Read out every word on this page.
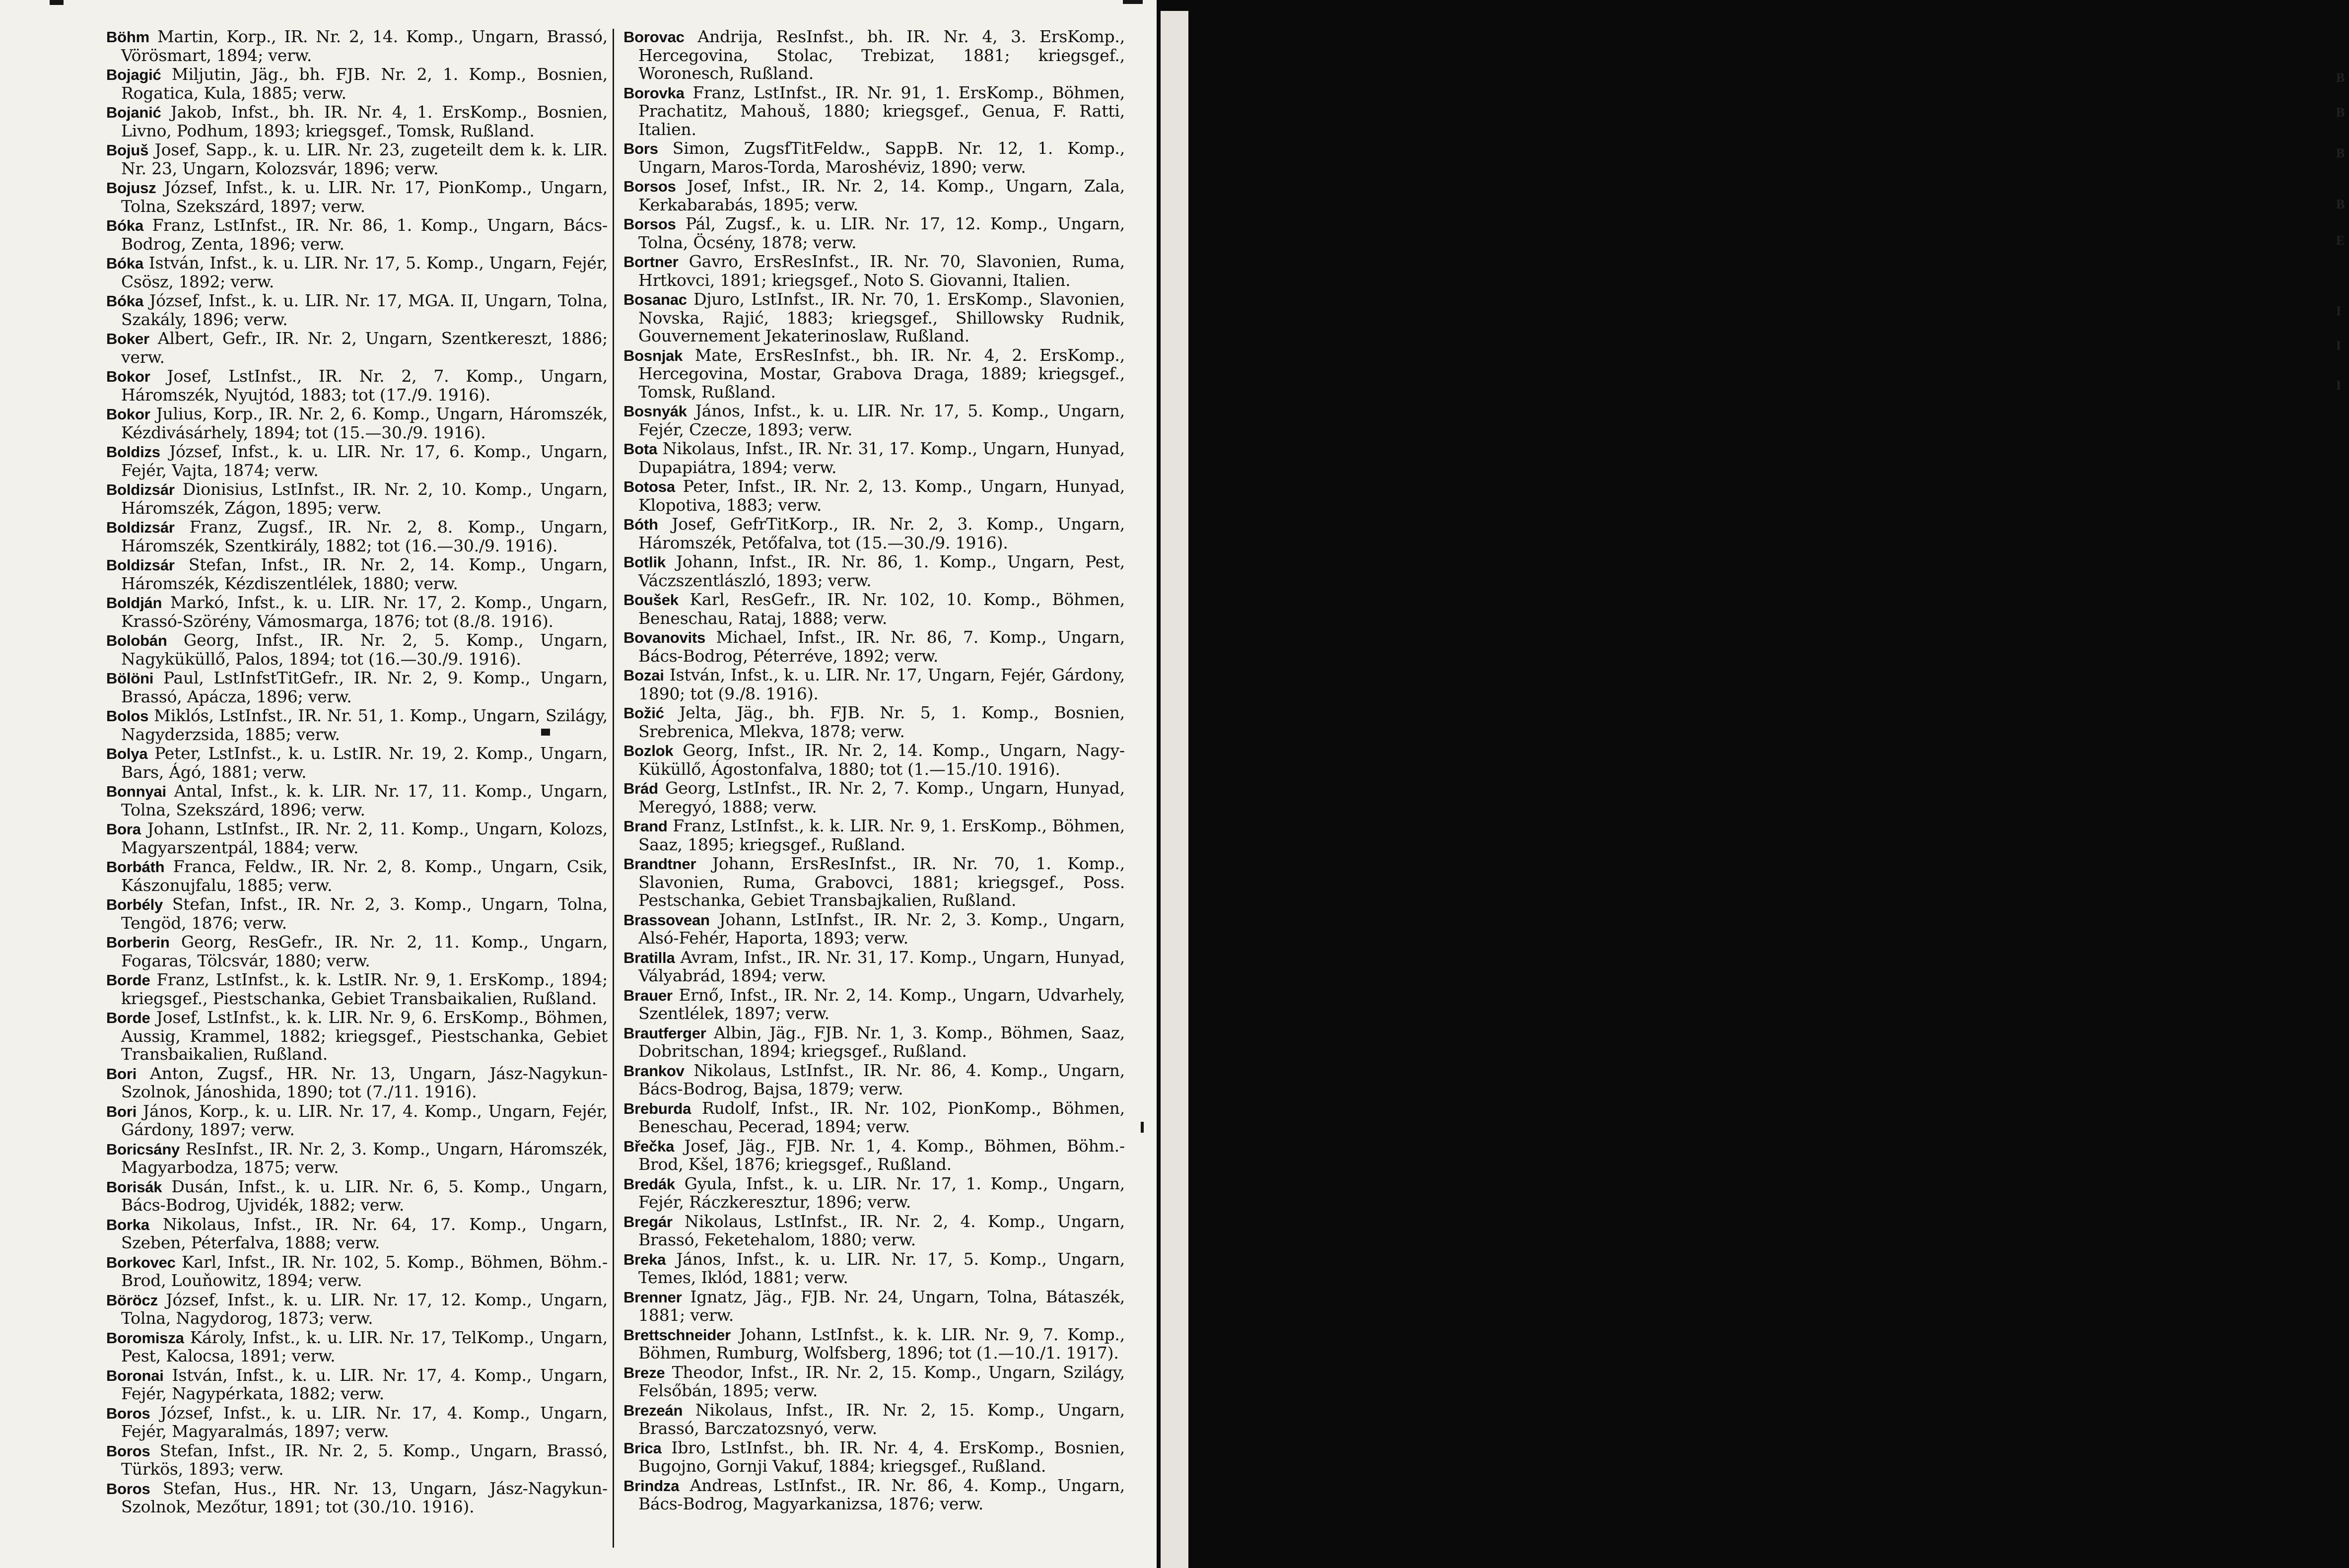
Böhm Martin, Korp., IR. Nr. 2, 14. Komp., Ungarn, Brassó, Vörösmart, 1894; verw.
Bojagić Miljutin, Jäg., bh. FJB. Nr. 2, 1. Komp., Bosnien, Rogatica, Kula, 1885; verw.
Bojanić Jakob, Infst., bh. IR. Nr. 4, 1. ErsKomp., Bosnien, Livno, Podhum, 1893; kriegsgef., Tomsk, Rußland.
Bojuš Josef, Sapp., k. u. LIR. Nr. 23, zugeteilt dem k. k. LIR. Nr. 23, Ungarn, Kolozsvár, 1896; verw.
Bojusz József, Infst., k. u. LIR. Nr. 17, PionKomp., Ungarn, Tolna, Szekszárd, 1897; verw.
Bóka Franz, LstInfst., IR. Nr. 86, 1. Komp., Ungarn, Bács-Bodrog, Zenta, 1896; verw.
Bóka István, Infst., k. u. LIR. Nr. 17, 5. Komp., Ungarn, Fejér, Csösz, 1892; verw.
Bóka József, Infst., k. u. LIR. Nr. 17, MGA. II, Ungarn, Tolna, Szakály, 1896; verw.
Boker Albert, Gefr., IR. Nr. 2, Ungarn, Szentkereszt, 1886; verw.
Bokor Josef, LstInfst., IR. Nr. 2, 7. Komp., Ungarn, Háromszék, Nyujtód, 1883; tot (17./9. 1916).
Bokor Julius, Korp., IR. Nr. 2, 6. Komp., Ungarn, Háromszék, Kézdivásárhely, 1894; tot (15.—30./9. 1916).
Boldizs József, Infst., k. u. LIR. Nr. 17, 6. Komp., Ungarn, Fejér, Vajta, 1874; verw.
Boldizsár Dionisius, LstInfst., IR. Nr. 2, 10. Komp., Ungarn, Háromszék, Zágon, 1895; verw.
Boldizsár Franz, Zugsf., IR. Nr. 2, 8. Komp., Ungarn, Háromszék, Szentkirály, 1882; tot (16.—30./9. 1916).
Boldizsár Stefan, Infst., IR. Nr. 2, 14. Komp., Ungarn, Háromszék, Kézdiszentlélek, 1880; verw.
Boldján Markó, Infst., k. u. LIR. Nr. 17, 2. Komp., Ungarn, Krassó-Szörény, Vámosmarga, 1876; tot (8./8. 1916).
Bolobán Georg, Infst., IR. Nr. 2, 5. Komp., Ungarn, Nagyküküllő, Palos, 1894; tot (16.—30./9. 1916).
Bölöni Paul, LstInfstTitGefr., IR. Nr. 2, 9. Komp., Ungarn, Brassó, Apácza, 1896; verw.
Bolos Miklós, LstInfst., IR. Nr. 51, 1. Komp., Ungarn, Szilágy, Nagyderzsida, 1885; verw.
Bolya Peter, LstInfst., k. u. LstIR. Nr. 19, 2. Komp., Ungarn, Bars, Ágó, 1881; verw.
Bonnyai Antal, Infst., k. k. LIR. Nr. 17, 11. Komp., Ungarn, Tolna, Szekszárd, 1896; verw.
Bora Johann, LstInfst., IR. Nr. 2, 11. Komp., Ungarn, Kolozs, Magyarszentpál, 1884; verw.
Borbáth Franca, Feldw., IR. Nr. 2, 8. Komp., Ungarn, Csik, Kászonujfalu, 1885; verw.
Borbély Stefan, Infst., IR. Nr. 2, 3. Komp., Ungarn, Tolna, Tengöd, 1876; verw.
Borberin Georg, ResGefr., IR. Nr. 2, 11. Komp., Ungarn, Fogaras, Tölcsvár, 1880; verw.
Borde Franz, LstInfst., k. k. LstIR. Nr. 9, 1. ErsKomp., 1894; kriegsgef., Piestschanka, Gebiet Transbaikalien, Rußland.
Borde Josef, LstInfst., k. k. LIR. Nr. 9, 6. ErsKomp., Böhmen, Aussig, Krammel, 1882; kriegsgef., Piestschanka, Gebiet Transbaikalien, Rußland.
Bori Anton, Zugsf., HR. Nr. 13, Ungarn, Jász-Nagykun-Szolnok, Jánoshida, 1890; tot (7./11. 1916).
Bori János, Korp., k. u. LIR. Nr. 17, 4. Komp., Ungarn, Fejér, Gárdony, 1897; verw.
Boricsány ResInfst., IR. Nr. 2, 3. Komp., Ungarn, Háromszék, Magyarbodza, 1875; verw.
Borisák Dusán, Infst., k. u. LIR. Nr. 6, 5. Komp., Ungarn, Bács-Bodrog, Ujvidék, 1882; verw.
Borka Nikolaus, Infst., IR. Nr. 64, 17. Komp., Ungarn, Szeben, Péterfalva, 1888; verw.
Borkovec Karl, Infst., IR. Nr. 102, 5. Komp., Böhmen, Böhm.-Brod, Louňowitz, 1894; verw.
Böröcz József, Infst., k. u. LIR. Nr. 17, 12. Komp., Ungarn, Tolna, Nagydorog, 1873; verw.
Boromisza Károly, Infst., k. u. LIR. Nr. 17, TelKomp., Ungarn, Pest, Kalocsa, 1891; verw.
Boronai István, Infst., k. u. LIR. Nr. 17, 4. Komp., Ungarn, Fejér, Nagypérkata, 1882; verw.
Boros József, Infst., k. u. LIR. Nr. 17, 4. Komp., Ungarn, Fejér, Magyaralmás, 1897; verw.
Boros Stefan, Infst., IR. Nr. 2, 5. Komp., Ungarn, Brassó, Türkös, 1893; verw.
Boros Stefan, Hus., HR. Nr. 13, Ungarn, Jász-Nagykun-Szolnok, Mezőtur, 1891; tot (30./10. 1916).
Borovac Andrija, ResInfst., bh. IR. Nr. 4, 3. ErsKomp., Hercegovina, Stolac, Trebizat, 1881; kriegsgef., Woronesch, Rußland.
Borovka Franz, LstInfst., IR. Nr. 91, 1. ErsKomp., Böhmen, Prachatitz, Mahouš, 1880; kriegsgef., Genua, F. Ratti, Italien.
Bors Simon, ZugsfTitFeldw., SappB. Nr. 12, 1. Komp., Ungarn, Maros-Torda, Maroshéviz, 1890; verw.
Borsos Josef, Infst., IR. Nr. 2, 14. Komp., Ungarn, Zala, Kerkabarabás, 1895; verw.
Borsos Pál, Zugsf., k. u. LIR. Nr. 17, 12. Komp., Ungarn, Tolna, Öcsény, 1878; verw.
Bortner Gavro, ErsResInfst., IR. Nr. 70, Slavonien, Ruma, Hrtkovci, 1891; kriegsgef., Noto S. Giovanni, Italien.
Bosanac Djuro, LstInfst., IR. Nr. 70, 1. ErsKomp., Slavonien, Novska, Rajić, 1883; kriegsgef., Shillowsky Rudnik, Gouvernement Jekaterinoslaw, Rußland.
Bosnjak Mate, ErsResInfst., bh. IR. Nr. 4, 2. ErsKomp., Hercegovina, Mostar, Grabova Draga, 1889; kriegsgef., Tomsk, Rußland.
Bosnyák János, Infst., k. u. LIR. Nr. 17, 5. Komp., Ungarn, Fejér, Czecze, 1893; verw.
Bota Nikolaus, Infst., IR. Nr. 31, 17. Komp., Ungarn, Hunyad, Dupapiátra, 1894; verw.
Botosa Peter, Infst., IR. Nr. 2, 13. Komp., Ungarn, Hunyad, Klopotiva, 1883; verw.
Bóth Josef, GefrTitKorp., IR. Nr. 2, 3. Komp., Ungarn, Háromszék, Petőfalva, tot (15.—30./9. 1916).
Botlik Johann, Infst., IR. Nr. 86, 1. Komp., Ungarn, Pest, Váczszentlászló, 1893; verw.
Boušek Karl, ResGefr., IR. Nr. 102, 10. Komp., Böhmen, Beneschau, Rataj, 1888; verw.
Bovanovits Michael, Infst., IR. Nr. 86, 7. Komp., Ungarn, Bács-Bodrog, Péterréve, 1892; verw.
Bozai István, Infst., k. u. LIR. Nr. 17, Ungarn, Fejér, Gárdony, 1890; tot (9./8. 1916).
Božić Jelta, Jäg., bh. FJB. Nr. 5, 1. Komp., Bosnien, Srebrenica, Mlekva, 1878; verw.
Bozlok Georg, Infst., IR. Nr. 2, 14. Komp., Ungarn, Nagy-Küküllő, Ágostonfalva, 1880; tot (1.—15./10. 1916).
Brád Georg, LstInfst., IR. Nr. 2, 7. Komp., Ungarn, Hunyad, Meregyó, 1888; verw.
Brand Franz, LstInfst., k. k. LIR. Nr. 9, 1. ErsKomp., Böhmen, Saaz, 1895; kriegsgef., Rußland.
Brandtner Johann, ErsResInfst., IR. Nr. 70, 1. Komp., Slavonien, Ruma, Grabovci, 1881; kriegsgef., Poss. Pestschanka, Gebiet Transbajkalien, Rußland.
Brassovean Johann, LstInfst., IR. Nr. 2, 3. Komp., Ungarn, Alsó-Fehér, Haporta, 1893; verw.
Bratilla Avram, Infst., IR. Nr. 31, 17. Komp., Ungarn, Hunyad, Vályabrád, 1894; verw.
Brauer Ernő, Infst., IR. Nr. 2, 14. Komp., Ungarn, Udvarhely, Szentlélek, 1897; verw.
Brautferger Albin, Jäg., FJB. Nr. 1, 3. Komp., Böhmen, Saaz, Dobritschan, 1894; kriegsgef., Rußland.
Brankov Nikolaus, LstInfst., IR. Nr. 86, 4. Komp., Ungarn, Bács-Bodrog, Bajsa, 1879; verw.
Breburda Rudolf, Infst., IR. Nr. 102, PionKomp., Böhmen, Beneschau, Pecerad, 1894; verw.
Břečka Josef, Jäg., FJB. Nr. 1, 4. Komp., Böhmen, Böhm.-Brod, Kšel, 1876; kriegsgef., Rußland.
Bredák Gyula, Infst., k. u. LIR. Nr. 17, 1. Komp., Ungarn, Fejér, Ráczkeresztur, 1896; verw.
Bregár Nikolaus, LstInfst., IR. Nr. 2, 4. Komp., Ungarn, Brassó, Feketehalom, 1880; verw.
Breka János, Infst., k. u. LIR. Nr. 17, 5. Komp., Ungarn, Temes, Iklód, 1881; verw.
Brenner Ignatz, Jäg., FJB. Nr. 24, Ungarn, Tolna, Bátaszék, 1881; verw.
Brettschneider Johann, LstInfst., k. k. LIR. Nr. 9, 7. Komp., Böhmen, Rumburg, Wolfsberg, 1896; tot (1.—10./1. 1917).
Breze Theodor, Infst., IR. Nr. 2, 15. Komp., Ungarn, Szilágy, Felsőbán, 1895; verw.
Brezeán Nikolaus, Infst., IR. Nr. 2, 15. Komp., Ungarn, Brassó, Barczatozsnyó, verw.
Brica Ibro, LstInfst., bh. IR. Nr. 4, 4. ErsKomp., Bosnien, Bugojno, Gornji Vakuf, 1884; kriegsgef., Rußland.
Brindza Andreas, LstInfst., IR. Nr. 86, 4. Komp., Ungarn, Bács-Bodrog, Magyarkanizsa, 1876; verw.
B
B
B
B
E
I
I
I
